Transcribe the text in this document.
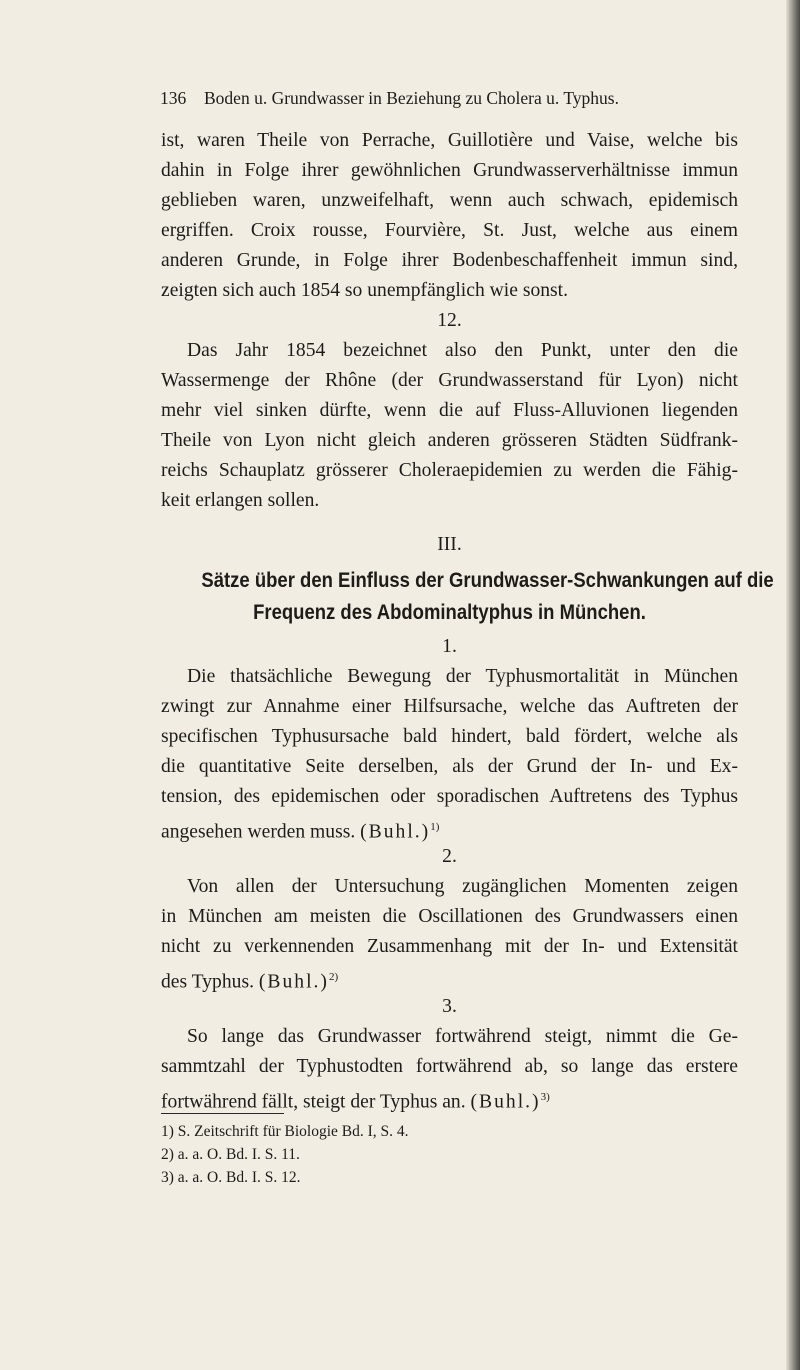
136 Boden u. Grundwasser in Beziehung zu Cholera u. Typhus.
ist, waren Theile von Perrache, Guillotière und Vaise, welche bis
dahin in Folge ihrer gewöhnlichen Grundwasserverhältnisse immun
geblieben waren, unzweifelhaft, wenn auch schwach, epidemisch
ergriffen. Croix rousse, Fourvière, St. Just, welche aus einem
anderen Grunde, in Folge ihrer Bodenbeschaffenheit immun sind,
zeigten sich auch 1854 so unempfänglich wie sonst.
12.
Das Jahr 1854 bezeichnet also den Punkt, unter den die
Wassermenge der Rhône (der Grundwasserstand für Lyon) nicht
mehr viel sinken dürfte, wenn die auf Fluss-Alluvionen liegenden
Theile von Lyon nicht gleich anderen grösseren Städten Südfrank-
reichs Schauplatz grösserer Choleraepidemien zu werden die Fähig-
keit erlangen sollen.
III.
Sätze über den Einfluss der Grundwasser-Schwankungen auf die
Frequenz des Abdominaltyphus in München.
1.
Die thatsächliche Bewegung der Typhusmortalität in München
zwingt zur Annahme einer Hilfsursache, welche das Auftreten der
specifischen Typhusursache bald hindert, bald fördert, welche als
die quantitative Seite derselben, als der Grund der In- und Ex-
tension, des epidemischen oder sporadischen Auftretens des Typhus
angesehen werden muss. (Buhl.)$^{1)}$
2.
Von allen der Untersuchung zugänglichen Momenten zeigen
in München am meisten die Oscillationen des Grundwassers einen
nicht zu verkennenden Zusammenhang mit der In- und Extensität
des Typhus. (Buhl.)$^{2)}$
3.
So lange das Grundwasser fortwährend steigt, nimmt die Ge-
sammtzahl der Typhustodten fortwährend ab, so lange das erstere
fortwährend fällt, steigt der Typhus an. (Buhl.)$^{3)}$
1) S. Zeitschrift für Biologie Bd. I, S. 4.
2) a. a. O. Bd. I. S. 11.
3) a. a. O. Bd. I. S. 12.
